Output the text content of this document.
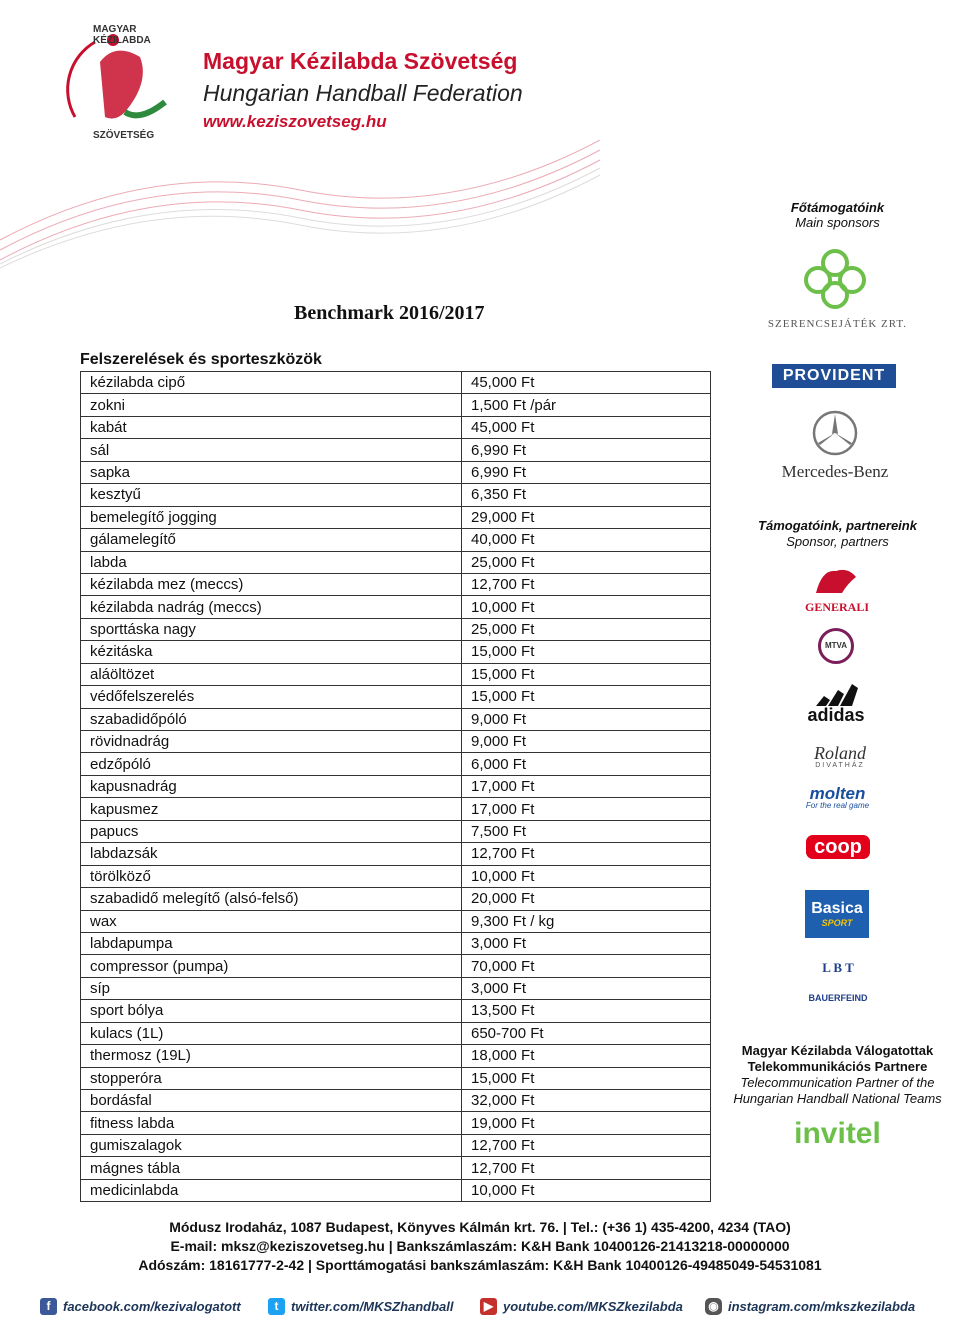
MAGYAR KÉZILABDA
SZÖVETSÉG
Magyar Kézilabda Szövetség
Hungarian Handball Federation
www.keziszovetseg.hu
Benchmark 2016/2017
Felszerelések és sporteszközök
kézilabda cipő	45,000 Ft
zokni	1,500 Ft /pár
kabát	45,000 Ft
sál	6,990 Ft
sapka	6,990 Ft
kesztyű	6,350 Ft
bemelegítő jogging	29,000 Ft
gálamelegítő	40,000 Ft
labda	25,000 Ft
kézilabda mez (meccs)	12,700 Ft
kézilabda nadrág (meccs)	10,000 Ft
sporttáska nagy	25,000 Ft
kézitáska	15,000 Ft
aláöltözet	15,000 Ft
védőfelszerelés	15,000 Ft
szabadidőpóló	9,000 Ft
rövidnadrág	9,000 Ft
edzőpóló	6,000 Ft
kapusnadrág	17,000 Ft
kapusmez	17,000 Ft
papucs	7,500 Ft
labdazsák	12,700 Ft
törölköző	10,000 Ft
szabadidő melegítő (alsó-felső)	20,000 Ft
wax	9,300 Ft / kg
labdapumpa	3,000 Ft
compressor (pumpa)	70,000 Ft
síp	3,000 Ft
sport bólya	13,500 Ft
kulacs (1L)	650-700 Ft
thermosz (19L)	18,000 Ft
stopperóra	15,000 Ft
bordásfal	32,000 Ft
fitness labda	19,000 Ft
gumiszalagok	12,700 Ft
mágnes tábla	12,700 Ft
medicinlabda	10,000 Ft
Főtámogatóink
Main sponsors
SZERENCSEJÁTÉK ZRT.
PROVIDENT
Mercedes-Benz
Támogatóink, partnereink
Sponsor, partners
GENERALI
MTVA
adidas
Roland
DIVATHÁZ
molten
For the real game
coop
Basica
SPORT
L B T
BAUERFEIND
Magyar Kézilabda Válogatottak
Telekommunikációs Partnere
Telecommunication Partner of the
Hungarian Handball National Teams
invitel
Módusz Irodaház, 1087 Budapest, Könyves Kálmán krt. 76. | Tel.: (+36 1) 435-4200, 4234 (TAO)
E-mail: mksz@keziszovetseg.hu | Bankszámlaszám: K&H Bank 10400126-21413218-00000000
Adószám: 18161777-2-42 | Sporttámogatási bankszámlaszám: K&H Bank 10400126-49485049-54531081
f facebook.com/kezivalogatott	t twitter.com/MKSZhandball	▶ youtube.com/MKSZkezilabda ◉ instagram.com/mkszkezilabda
